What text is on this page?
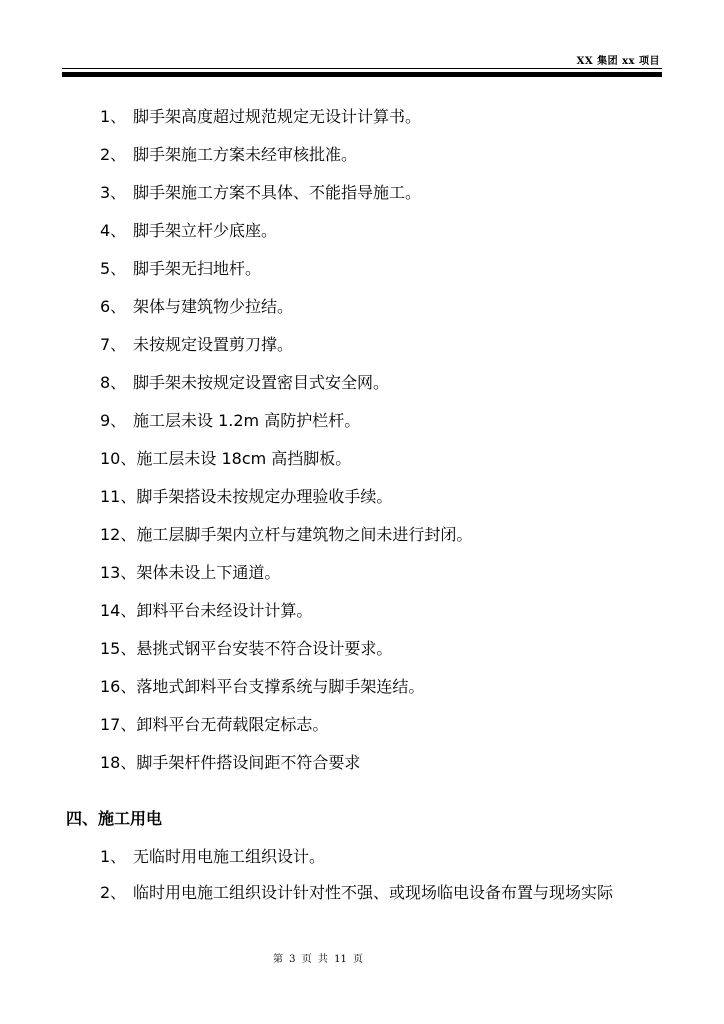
XX 集团 xx 项目
1、 脚手架高度超过规范规定无设计计算书。
2、 脚手架施工方案未经审核批准。
3、 脚手架施工方案不具体、不能指导施工。
4、 脚手架立杆少底座。
5、 脚手架无扫地杆。
6、 架体与建筑物少拉结。
7、 未按规定设置剪刀撑。
8、 脚手架未按规定设置密目式安全网。
9、 施工层未设 1.2m 高防护栏杆。
10、施工层未设 18cm 高挡脚板。
11、脚手架搭设未按规定办理验收手续。
12、施工层脚手架内立杆与建筑物之间未进行封闭。
13、架体未设上下通道。
14、卸料平台未经设计计算。
15、悬挑式钢平台安装不符合设计要求。
16、落地式卸料平台支撑系统与脚手架连结。
17、卸料平台无荷载限定标志。
18、脚手架杆件搭设间距不符合要求
四、施工用电
1、 无临时用电施工组织设计。
2、 临时用电施工组织设计针对性不强、或现场临电设备布置与现场实际
第 3 页 共 11 页
